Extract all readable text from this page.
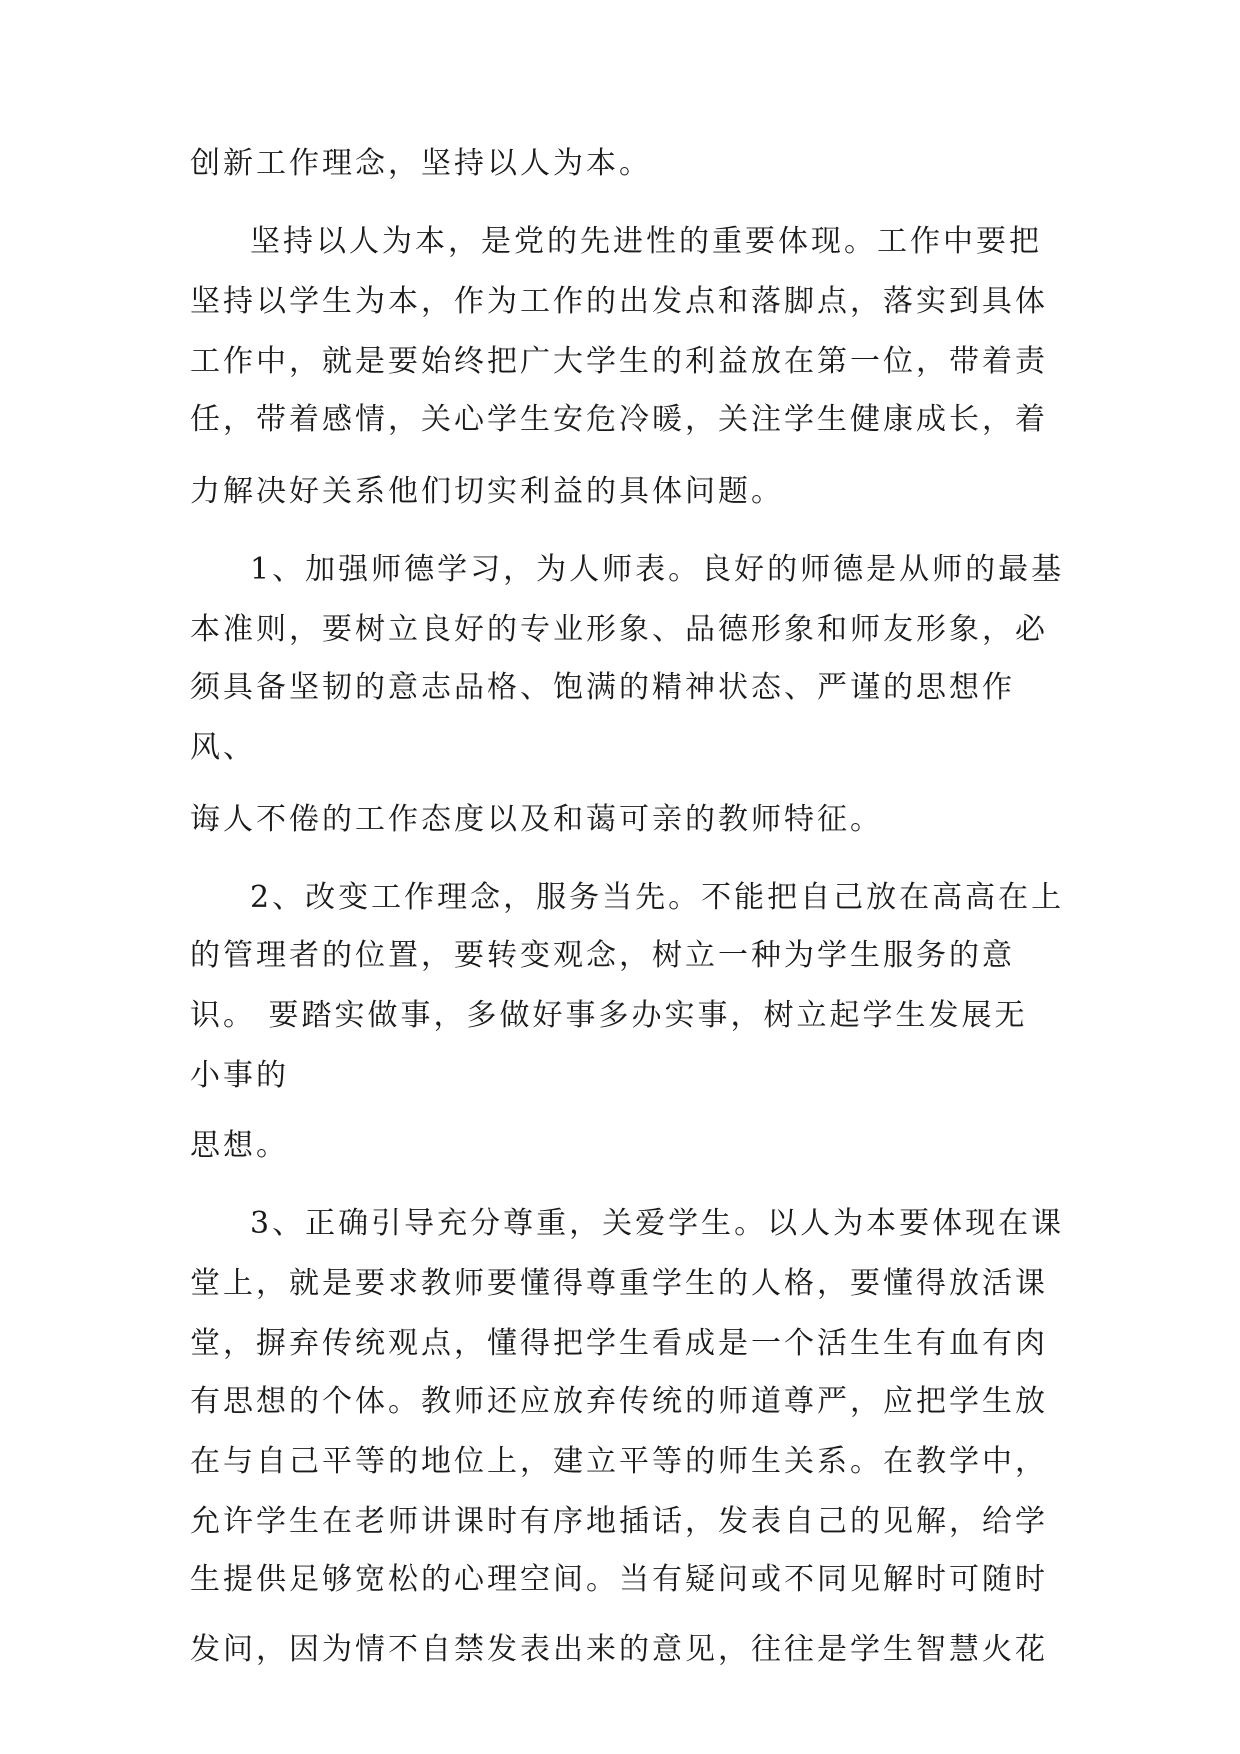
创新工作理念，坚持以人为本。

坚持以人为本，是党的先进性的重要体现。工作中要把

坚持以学生为本，作为工作的出发点和落脚点，落实到具体

工作中，就是要始终把广大学生的利益放在第一位，带着责

任，带着感情，关心学生安危冷暖，关注学生健康成长，着

力解决好关系他们切实利益的具体问题。

1、加强师德学习，为人师表。良好的师德是从师的最基

本准则，要树立良好的专业形象、品德形象和师友形象，必

须具备坚韧的意志品格、饱满的精神状态、严谨的思想作

风、

诲人不倦的工作态度以及和蔼可亲的教师特征。

2、改变工作理念，服务当先。不能把自己放在高高在上

的管理者的位置，要转变观念，树立一种为学生服务的意

识。 要踏实做事，多做好事多办实事，树立起学生发展无

小事的

思想。

3、正确引导充分尊重，关爱学生。以人为本要体现在课

堂上，就是要求教师要懂得尊重学生的人格，要懂得放活课

堂，摒弃传统观点，懂得把学生看成是一个活生生有血有肉

有思想的个体。教师还应放弃传统的师道尊严，应把学生放

在与自己平等的地位上，建立平等的师生关系。在教学中，

允许学生在老师讲课时有序地插话，发表自己的见解，给学

生提供足够宽松的心理空间。当有疑问或不同见解时可随时

发问，因为情不自禁发表出来的意见，往往是学生智慧火花
